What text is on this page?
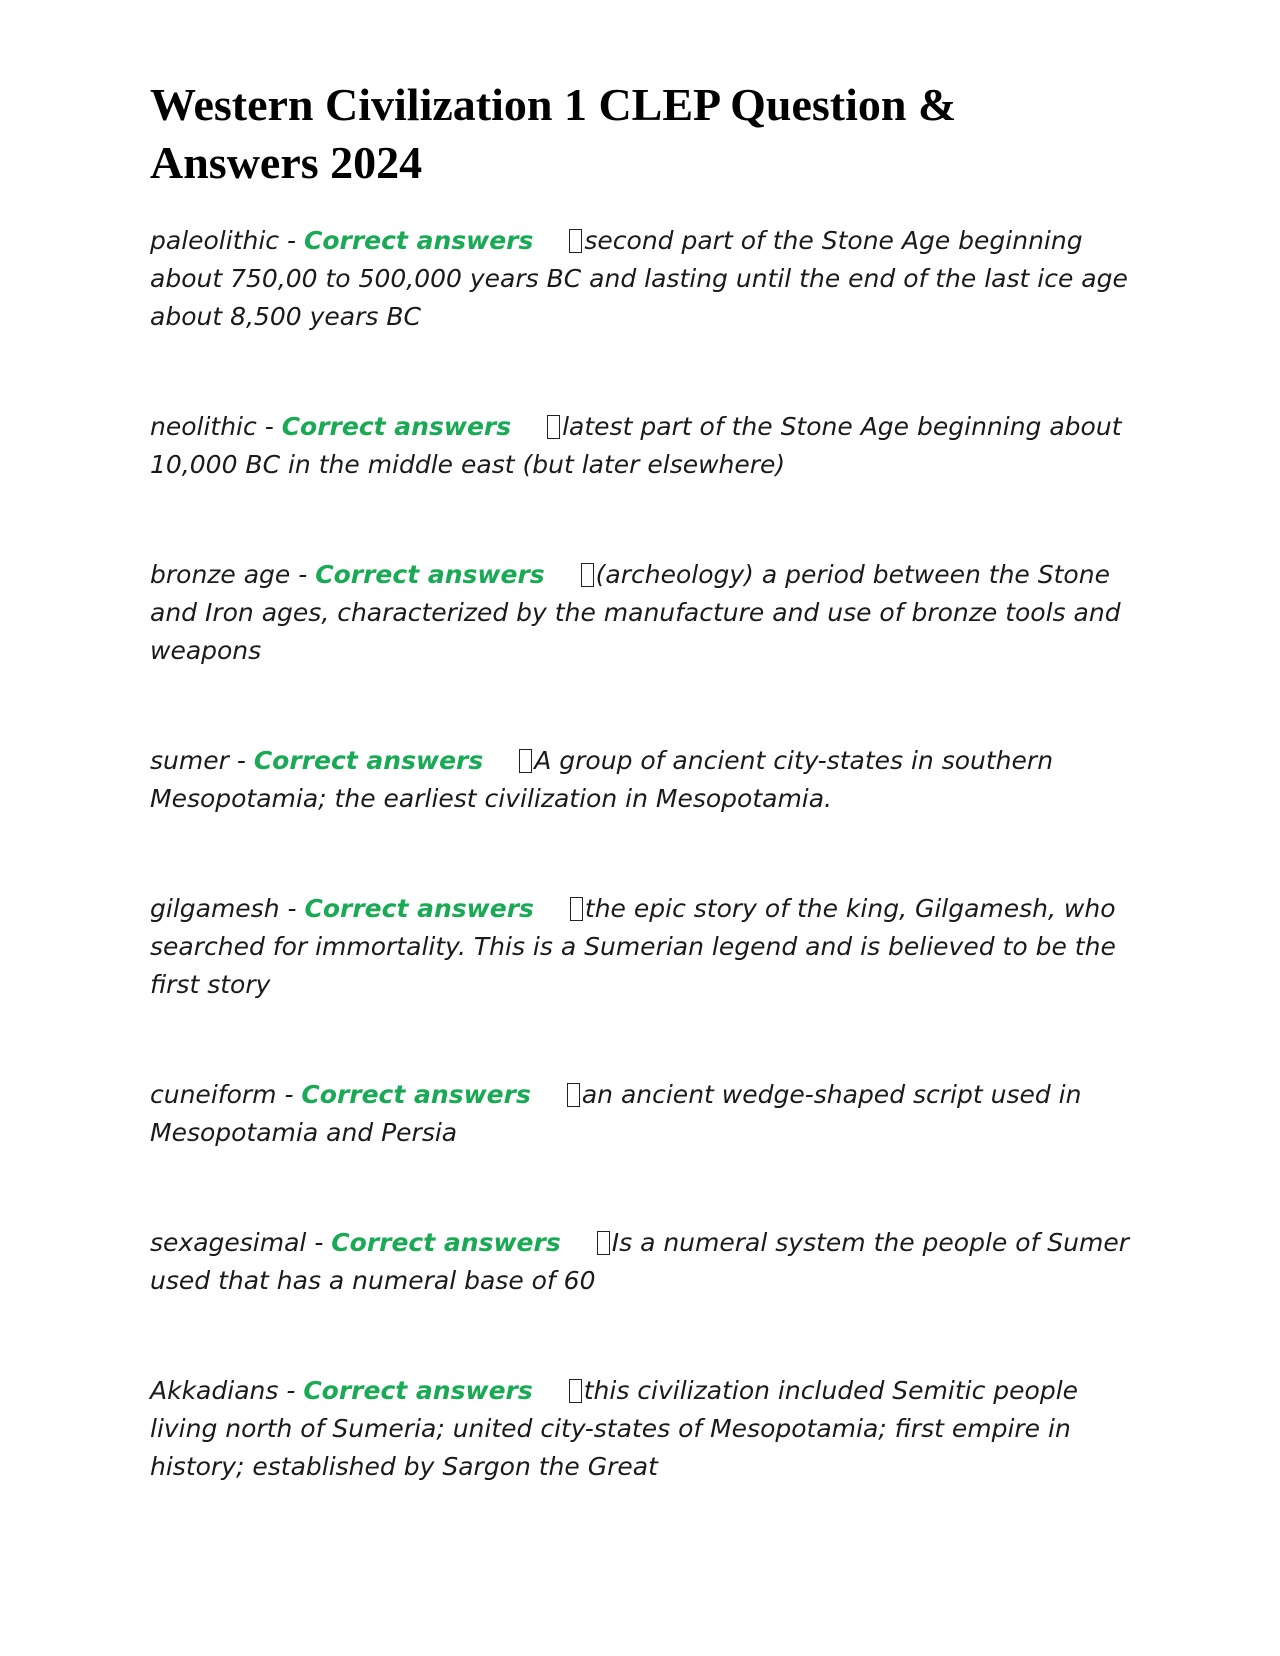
Western Civilization 1 CLEP Question & Answers 2024
paleolithic - Correct answers second part of the Stone Age beginning about 750,00 to 500,000 years BC and lasting until the end of the last ice age about 8,500 years BC
neolithic - Correct answers latest part of the Stone Age beginning about 10,000 BC in the middle east (but later elsewhere)
bronze age - Correct answers (archeology) a period between the Stone and Iron ages, characterized by the manufacture and use of bronze tools and weapons
sumer - Correct answers A group of ancient city-states in southern Mesopotamia; the earliest civilization in Mesopotamia.
gilgamesh - Correct answers the epic story of the king, Gilgamesh, who searched for immortality. This is a Sumerian legend and is believed to be the first story
cuneiform - Correct answers an ancient wedge-shaped script used in Mesopotamia and Persia
sexagesimal - Correct answers Is a numeral system the people of Sumer used that has a numeral base of 60
Akkadians - Correct answers this civilization included Semitic people living north of Sumeria; united city-states of Mesopotamia; first empire in history; established by Sargon the Great
